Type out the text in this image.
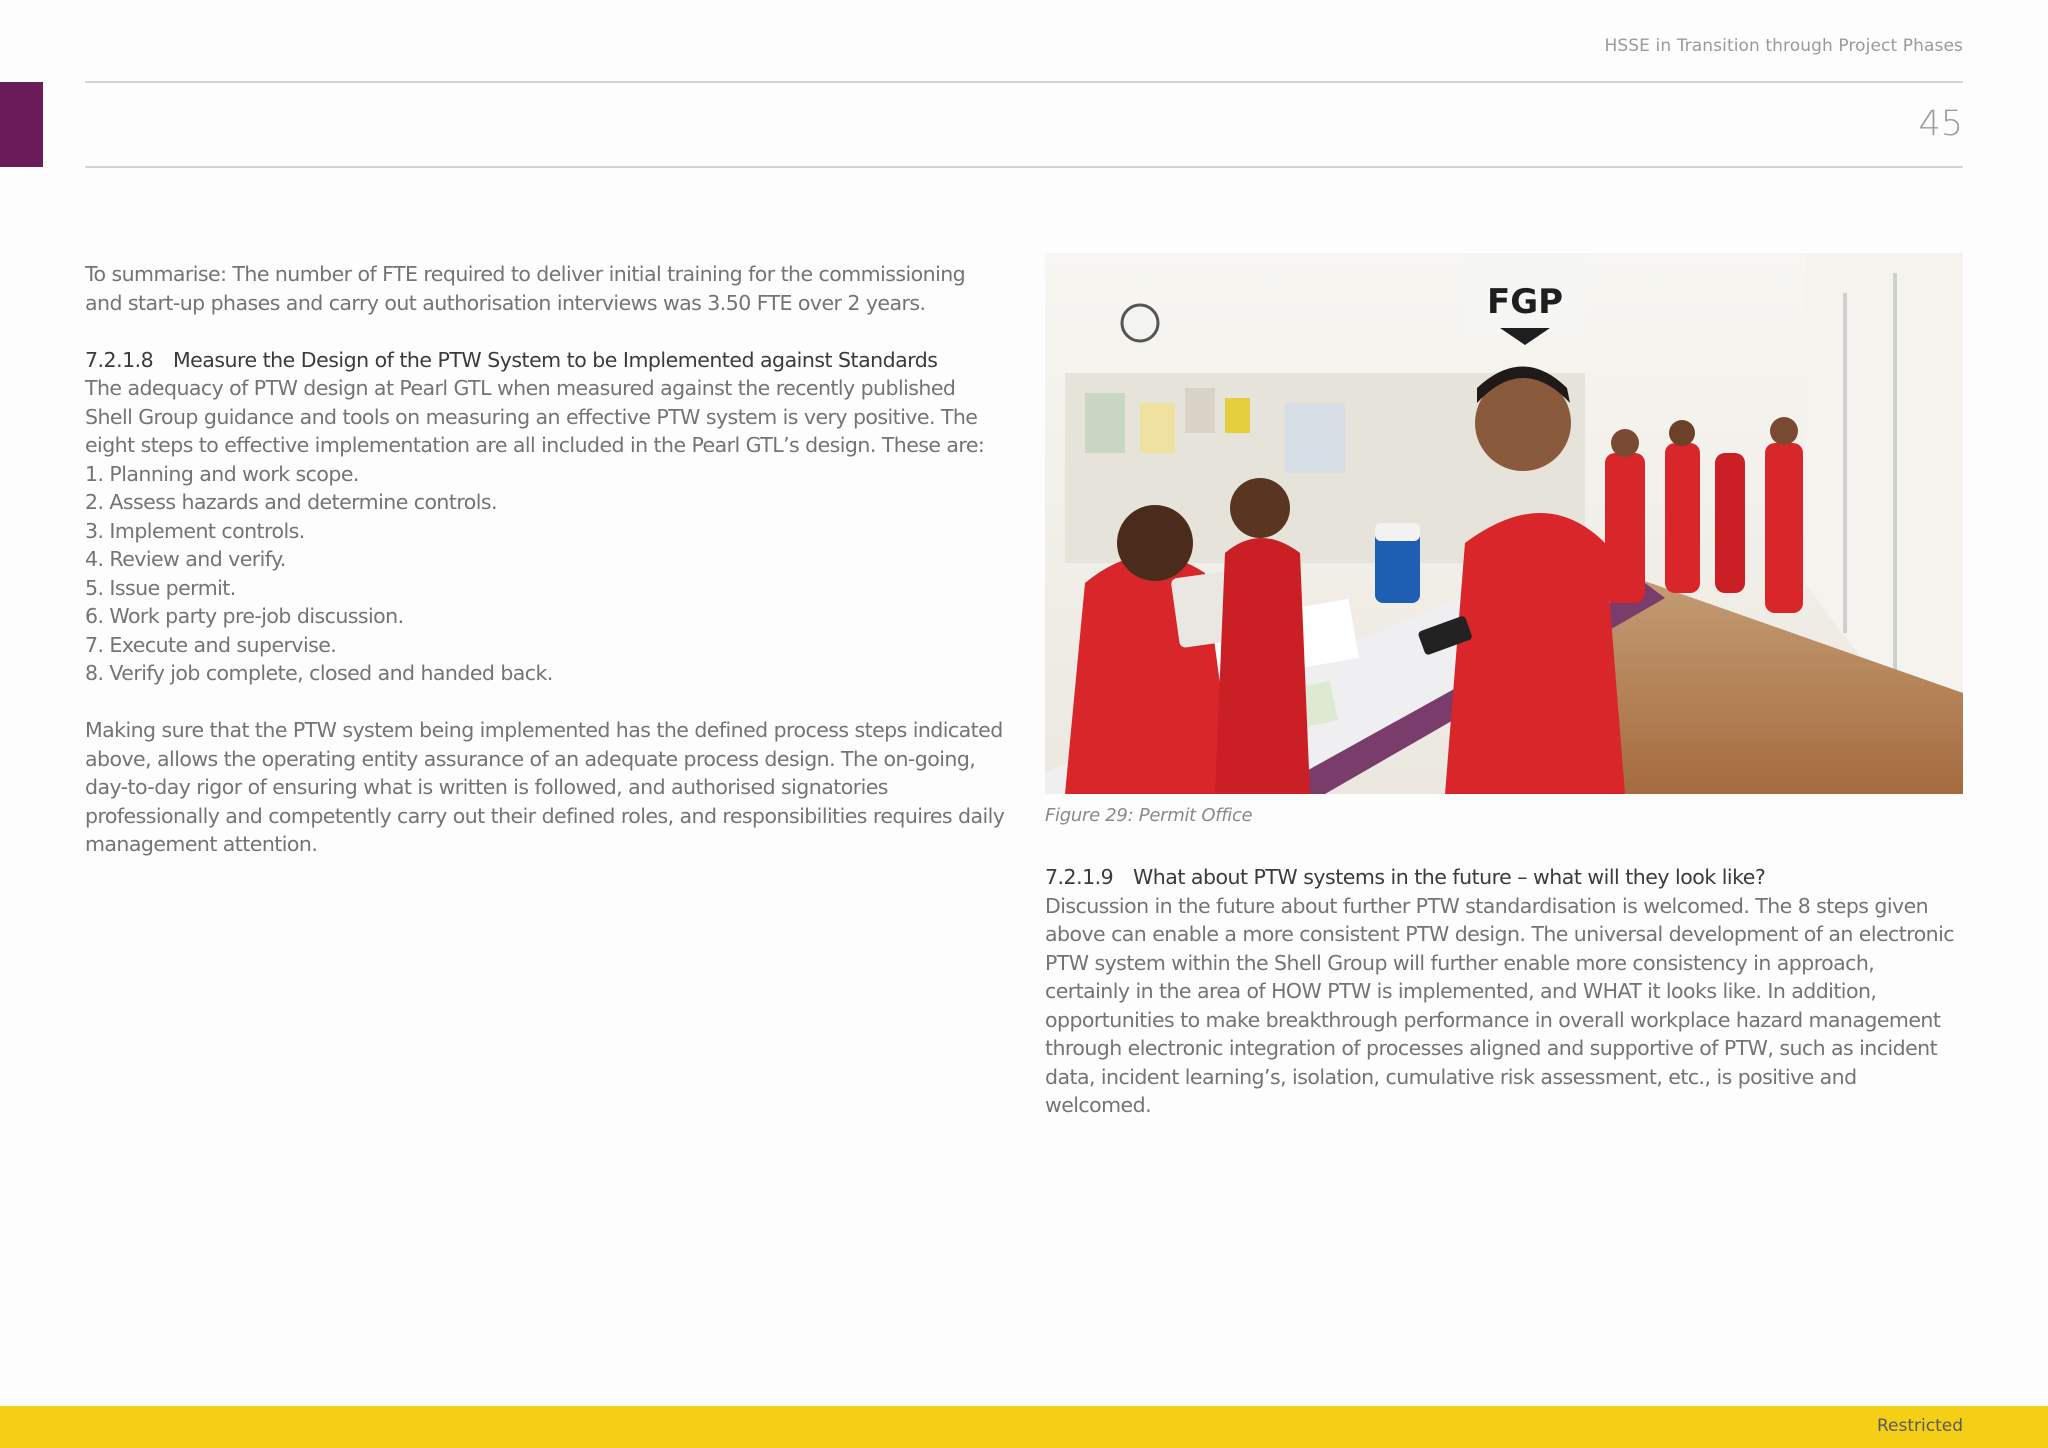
HSSE in Transition through Project Phases
45

To summarise: The number of FTE required to deliver initial training for the commissioning and start-up phases and carry out authorisation interviews was 3.50 FTE over 2 years.

7.2.1.8 Measure the Design of the PTW System to be Implemented against Standards

The adequacy of PTW design at Pearl GTL when measured against the recently published Shell Group guidance and tools on measuring an effective PTW system is very positive. The eight steps to effective implementation are all included in the Pearl GTL’s design. These are:

1. Planning and work scope.
2. Assess hazards and determine controls.
3. Implement controls.
4. Review and verify.
5. Issue permit.
6. Work party pre-job discussion.
7. Execute and supervise.
8. Verify job complete, closed and handed back.

Making sure that the PTW system being implemented has the defined process steps indicated above, allows the operating entity assurance of an adequate process design. The on-going, day-to-day rigor of ensuring what is written is followed, and authorised signatories professionally and competently carry out their defined roles, and responsibilities requires daily management attention.

FGP
Figure 29: Permit Office
7.2.1.9 What about PTW systems in the future – what will they look like?

Discussion in the future about further PTW standardisation is welcomed. The 8 steps given above can enable a more consistent PTW design. The universal development of an electronic PTW system within the Shell Group will further enable more consistency in approach, certainly in the area of HOW PTW is implemented, and WHAT it looks like. In addition, opportunities to make breakthrough performance in overall workplace hazard management through electronic integration of processes aligned and supportive of PTW, such as incident data, incident learning’s, isolation, cumulative risk assessment, etc., is positive and welcomed.

Restricted
